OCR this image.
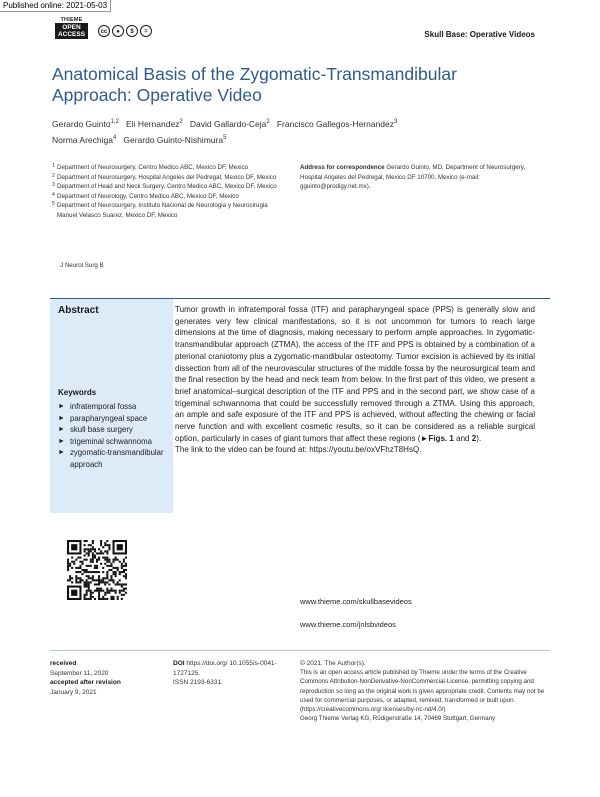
Published online: 2021-05-03
THIEME
OPEN ACCESS	cc	●	$	=	Skull Base: Operative Videos
Anatomical Basis of the Zygomatic-Transmandibular Approach: Operative Video
Gerardo Guinto$^{1,2}$ Eli Hernandez$^2$ David Gallardo-Ceja$^2$ Francisco Gallegos-Hernandez$^3$
Norma Arechiga$^4$ Gerardo Guinto-Nishimura$^5$
1 Department of Neurosurgery, Centro Medico ABC, Mexico DF, Mexico
2 Department of Neurosurgery, Hospital Angeles del Pedregal, Mexico DF, Mexico
3 Department of Head and Neck Surgery, Centro Medico ABC, Mexico DF, Mexico
4 Department of Neurology, Centro Medico ABC, Mexico DF, Mexico
5 Department of Neurosurgery, Instituto Nacional de Neurologia y Neurocirugia Manuel Velasco Suarez, Mexico DF, Mexico
Address for correspondence Gerardo Guinto, MD, Department of Neurosurgery, Hospital Angeles del Pedregal, Mexico DF 10700, Mexico (e-mail: gguinto@prodigy.net.mx).
J Neurol Surg B
Abstract
Keywords
► infratemporal fossa
► parapharyngeal space
► skull base surgery
► trigeminal schwannoma
► zygomatic-transmandibular approach

Tumor growth in infratemporal fossa (ITF) and parapharyngeal space (PPS) is generally slow and generates very few clinical manifestations, so it is not uncommon for tumors to reach large dimensions at the time of diagnosis, making necessary to perform ample approaches. In zygomatic-transmandibular approach (ZTMA), the access of the ITF and PPS is obtained by a combination of a pterional craniotomy plus a zygomatic-mandibular osteotomy. Tumor excision is achieved by its initial dissection from all of the neurovascular structures of the middle fossa by the neurosurgical team and the final resection by the head and neck team from below. In the first part of this video, we present a brief anatomical–surgical description of the ITF and PPS and in the second part, we show case of a trigeminal schwannoma that could be successfully removed through a ZTMA. Using this approach, an ample and safe exposure of the ITF and PPS is achieved, without affecting the chewing or facial nerve function and with excellent cosmetic results, so it can be considered as a reliable surgical option, particularly in cases of giant tumors that affect these regions (►Figs. 1 and 2).

The link to the video can be found at: https://youtu.be/oxVFhzT8HsQ.

www.thieme.com/skullbasevideos
www.thieme.com/jnlsbvideos
received
September 11, 2020
accepted after revision
January 9, 2021
DOI https://doi.org/ 10.1055/s-0041-1727125.
ISSN 2193-6331.
© 2021. The Author(s).
This is an open access article published by Thieme under the terms of the Creative Commons Attribution-NonDerivative-NonCommercial-License, permitting copying and reproduction so long as the original work is given appropriate credit. Contents may not be used for commercial purposes, or adapted, remixed, transformed or built upon. (https://creativecommons.org/ licenses/by-nc-nd/4.0/)
Georg Thieme Verlag KG, Rüdigerstraße 14, 70469 Stuttgart, Germany
